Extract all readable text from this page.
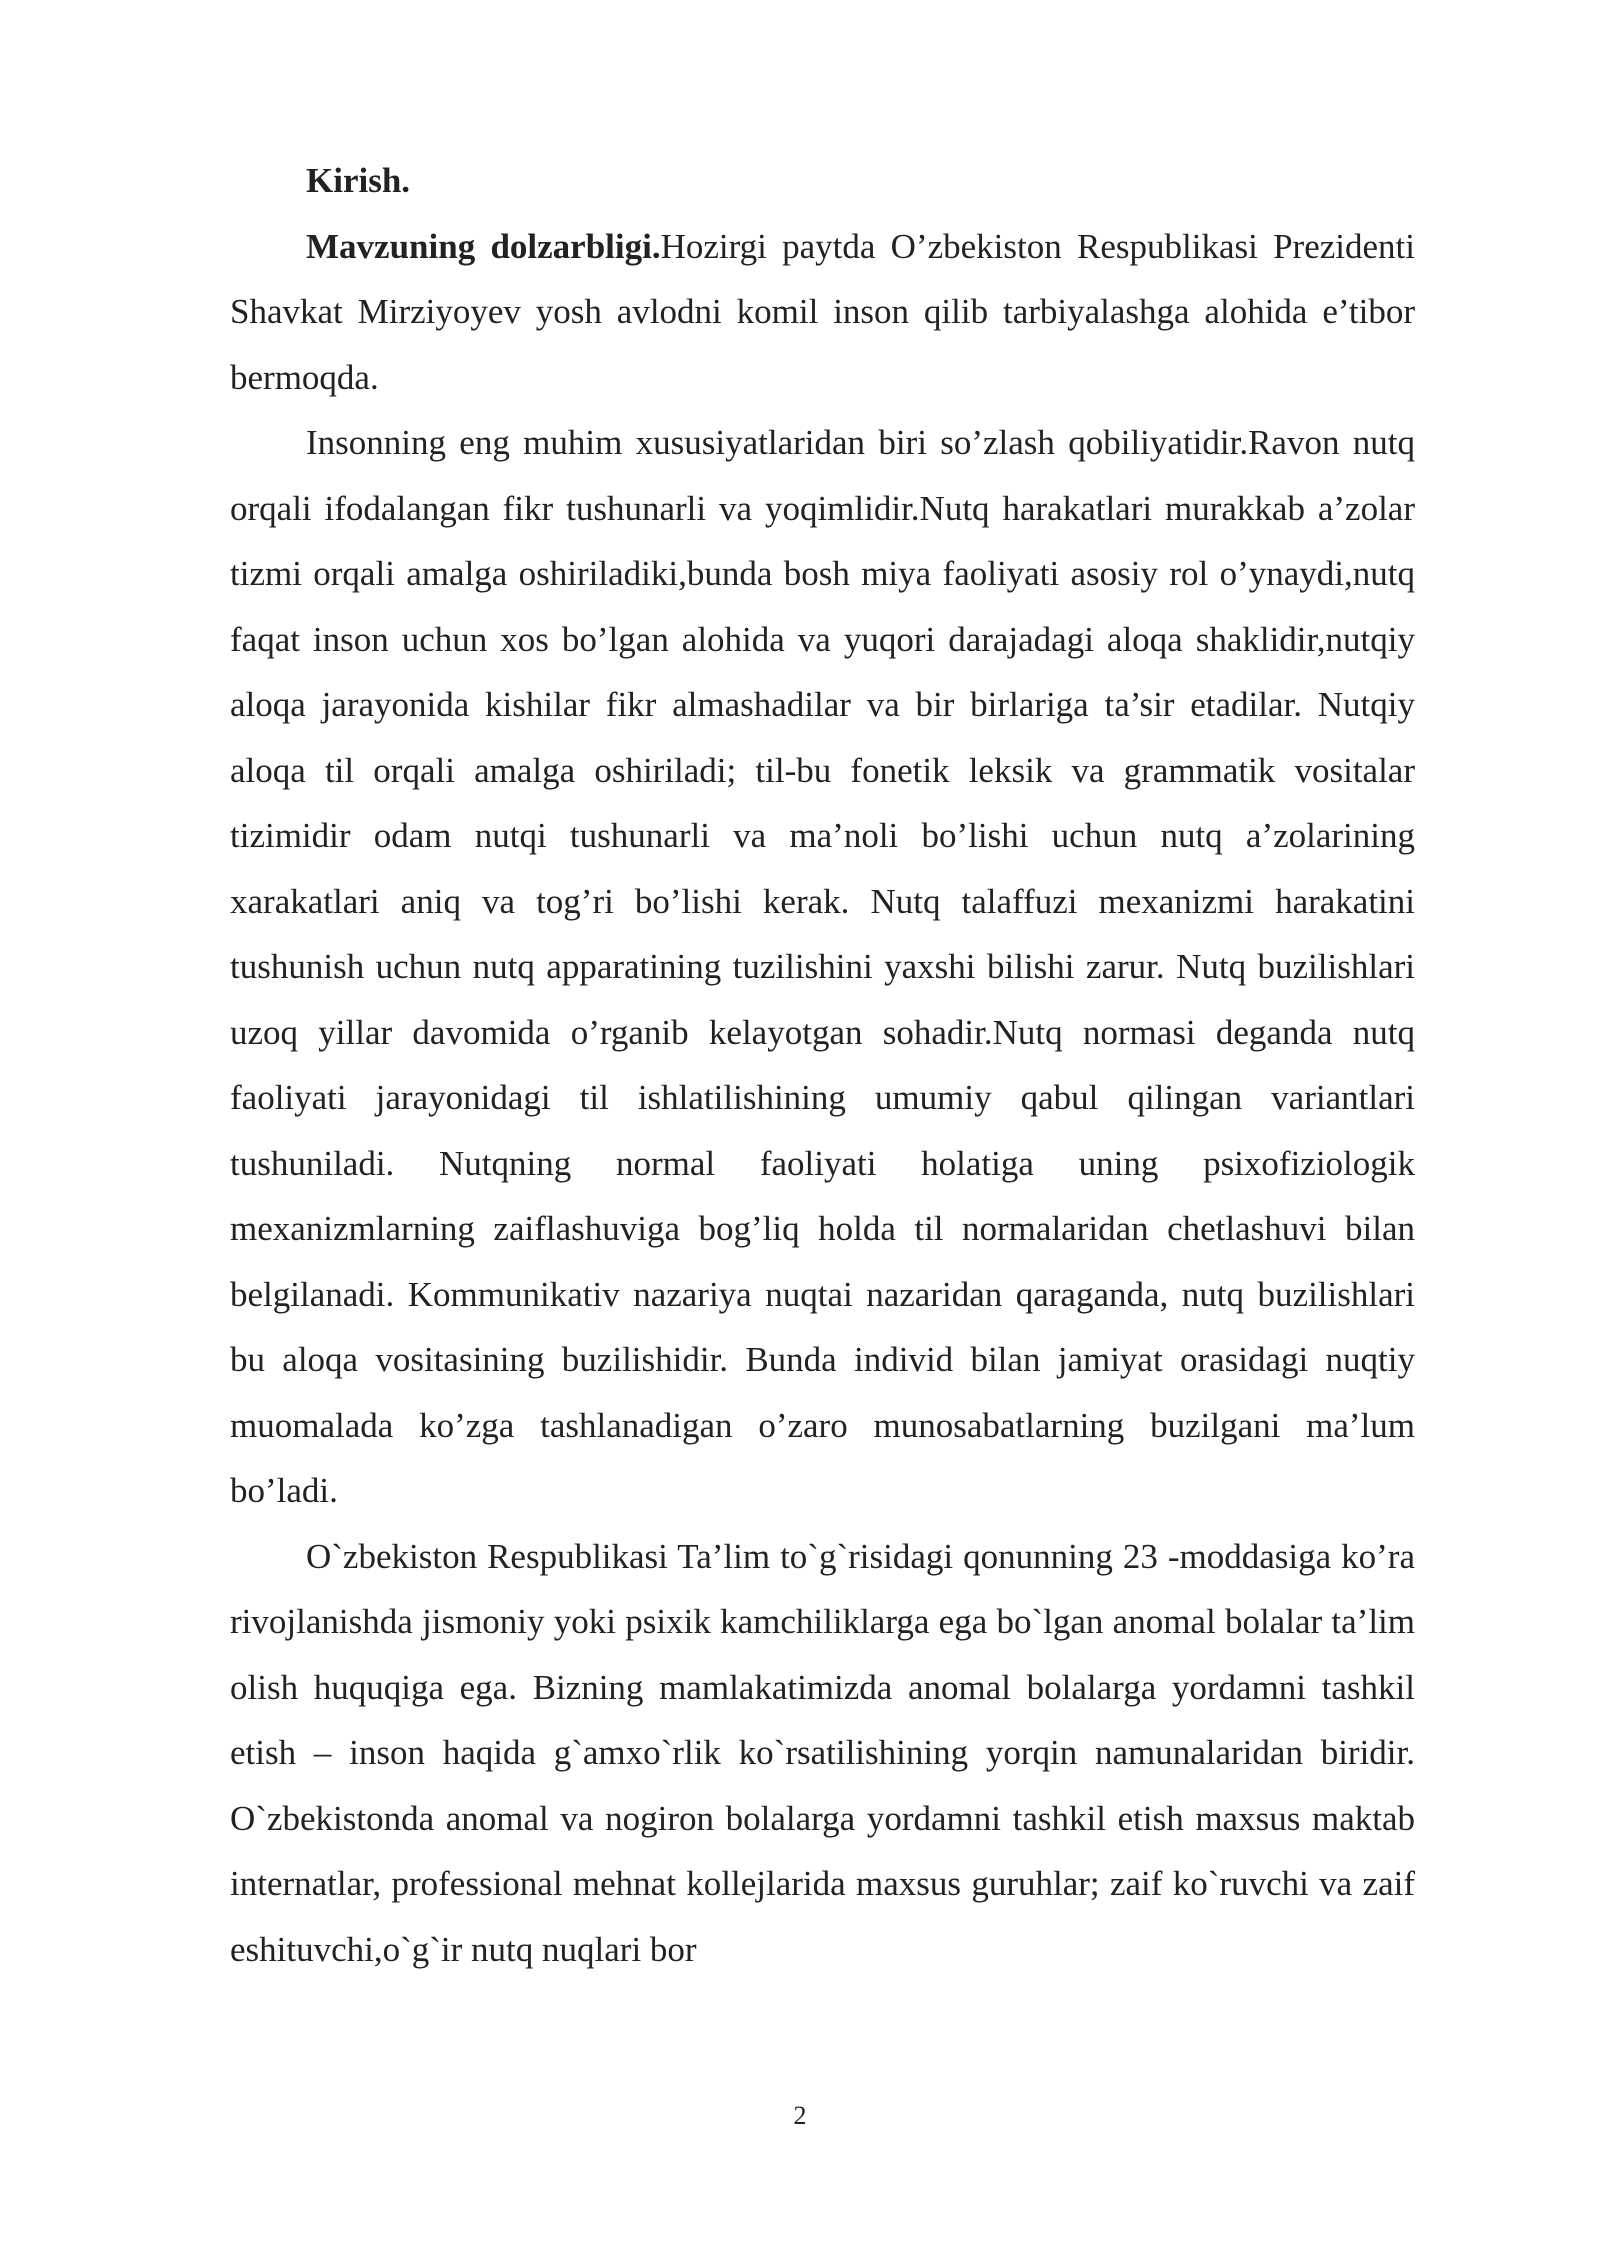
Kirish.

Mavzuning dolzarbligi.Hozirgi paytda O’zbekiston Respublikasi Prezidenti Shavkat Mirziyoyev yosh avlodni komil inson qilib tarbiyalashga alohida e’tibor bermoqda.

Insonning eng muhim xususiyatlaridan biri so’zlash qobiliyatidir.Ravon nutq orqali ifodalangan fikr tushunarli va yoqimlidir.Nutq harakatlari murakkab a’zolar tizmi orqali amalga oshiriladiki,bunda bosh miya faoliyati asosiy rol o’ynaydi,nutq faqat inson uchun xos bo’lgan alohida va yuqori darajadagi aloqa shaklidir,nutqiy aloqa jarayonida kishilar fikr almashadilar va bir birlariga ta’sir etadilar. Nutqiy aloqa til orqali amalga oshiriladi; til-bu fonetik leksik va grammatik vositalar tizimidir odam nutqi tushunarli va ma’noli bo’lishi uchun nutq a’zolarining xarakatlari aniq va tog’ri bo’lishi kerak. Nutq talaffuzi mexanizmi harakatini tushunish uchun nutq apparatining tuzilishini yaxshi bilishi zarur. Nutq buzilishlari uzoq yillar davomida o’rganib kelayotgan sohadir.Nutq normasi deganda nutq faoliyati jarayonidagi til ishlatilishining umumiy qabul qilingan variantlari tushuniladi. Nutqning normal faoliyati holatiga uning psixofiziologik mexanizmlarning zaiflashuviga bog’liq holda til normalaridan chetlashuvi bilan belgilanadi. Kommunikativ nazariya nuqtai nazaridan qaraganda, nutq buzilishlari bu aloqa vositasining buzilishidir. Bunda individ bilan jamiyat orasidagi nuqtiy muomalada ko’zga tashlanadigan o’zaro munosabatlarning buzilgani ma’lum bo’ladi.

O`zbekiston Respublikasi Ta’lim to`g`risidagi qonunning 23 -moddasiga ko’ra rivojlanishda jismoniy yoki psixik kamchiliklarga ega bo`lgan anomal bolalar ta’lim olish huquqiga ega. Bizning mamlakatimizda anomal bolalarga yordamni tashkil etish – inson haqida g`amxo`rlik ko`rsatilishining yorqin namunalaridan biridir. O`zbekistonda anomal va nogiron bolalarga yordamni tashkil etish maxsus maktab internatlar, professional mehnat kollejlarida maxsus guruhlar; zaif ko`ruvchi va zaif eshituvchi,o`g`ir nutq nuqlari bor

2
